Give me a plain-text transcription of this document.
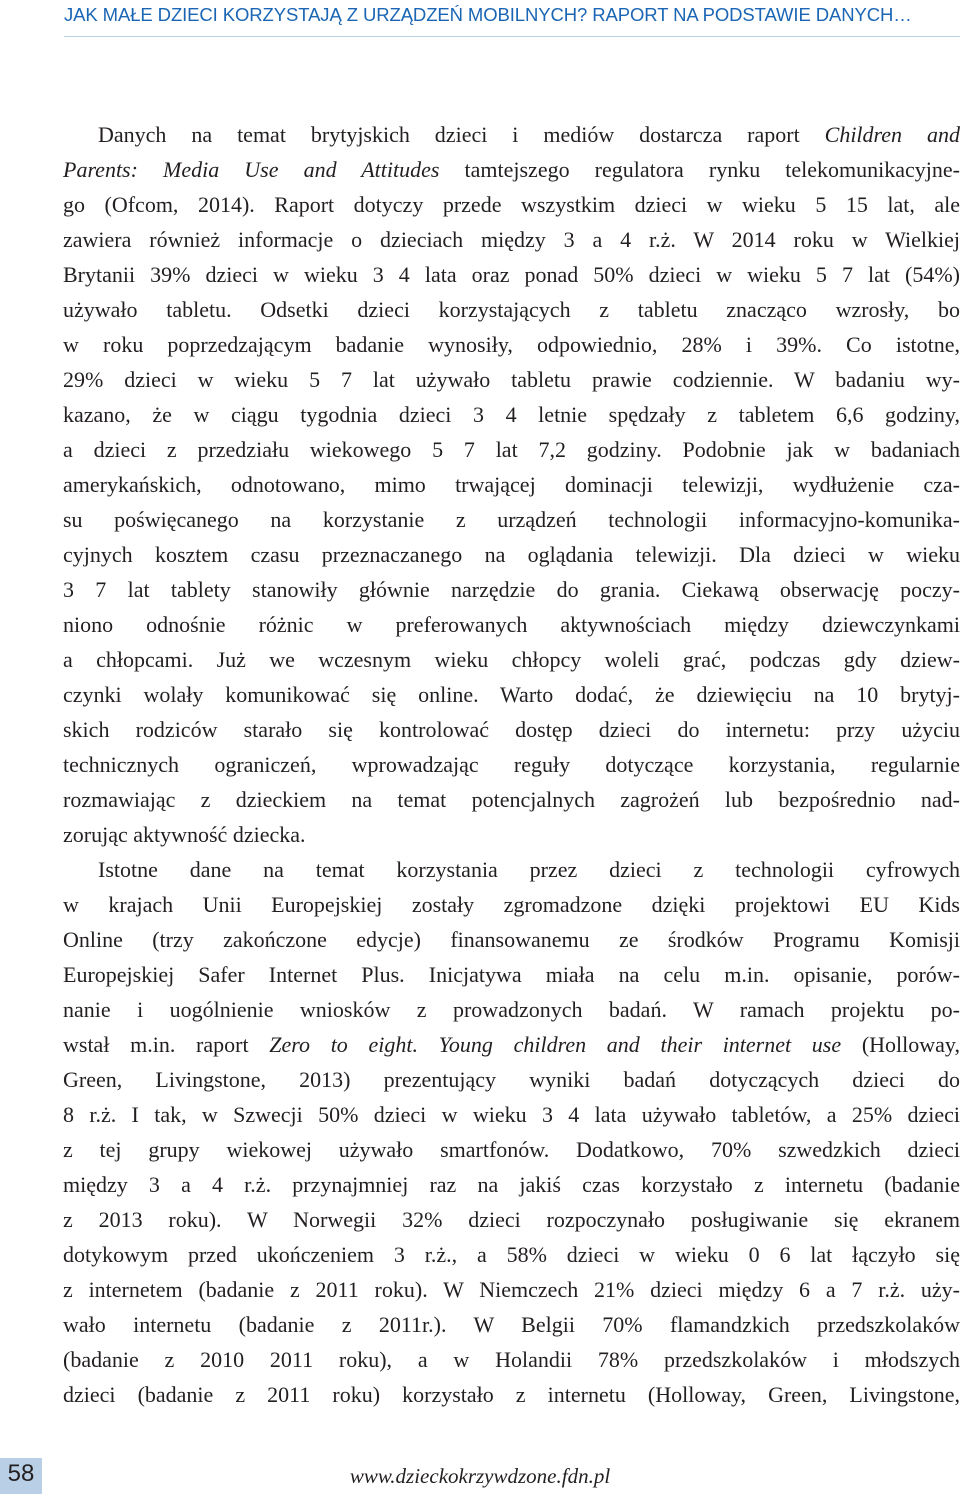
JAK MAŁE DZIECI KORZYSTAJĄ Z URZĄDZEŃ MOBILNYCH? RAPORT NA PODSTAWIE DANYCH…
Danych na temat brytyjskich dzieci i mediów dostarcza raport Children and
Parents: Media Use and Attitudes tamtejszego regulatora rynku telekomunikacyjne-
go (Ofcom, 2014). Raport dotyczy przede wszystkim dzieci w wieku 5 15 lat, ale
zawiera również informacje o dzieciach między 3 a 4 r.ż. W 2014 roku w Wielkiej
Brytanii 39% dzieci w wieku 3 4 lata oraz ponad 50% dzieci w wieku 5 7 lat (54%)
używało tabletu. Odsetki dzieci korzystających z tabletu znacząco wzrosły, bo
w roku poprzedzającym badanie wynosiły, odpowiednio, 28% i 39%. Co istotne,
29% dzieci w wieku 5 7 lat używało tabletu prawie codziennie. W badaniu wy-
kazano, że w ciągu tygodnia dzieci 3 4 letnie spędzały z tabletem 6,6 godziny,
a dzieci z przedziału wiekowego 5 7 lat 7,2 godziny. Podobnie jak w badaniach
amerykańskich, odnotowano, mimo trwającej dominacji telewizji, wydłużenie cza-
su poświęcanego na korzystanie z urządzeń technologii informacyjno-komunika-
cyjnych kosztem czasu przeznaczanego na oglądania telewizji. Dla dzieci w wieku
3 7 lat tablety stanowiły głównie narzędzie do grania. Ciekawą obserwację poczy-
niono odnośnie różnic w preferowanych aktywnościach między dziewczynkami
a chłopcami. Już we wczesnym wieku chłopcy woleli grać, podczas gdy dziew-
czynki wolały komunikować się online. Warto dodać, że dziewięciu na 10 brytyj-
skich rodziców starało się kontrolować dostęp dzieci do internetu: przy użyciu
technicznych ograniczeń, wprowadzając reguły dotyczące korzystania, regularnie
rozmawiając z dzieckiem na temat potencjalnych zagrożeń lub bezpośrednio nad-
zorując aktywność dziecka.
Istotne dane na temat korzystania przez dzieci z technologii cyfrowych
w krajach Unii Europejskiej zostały zgromadzone dzięki projektowi EU Kids
Online (trzy zakończone edycje) finansowanemu ze środków Programu Komisji
Europejskiej Safer Internet Plus. Inicjatywa miała na celu m.in. opisanie, porów-
nanie i uogólnienie wniosków z prowadzonych badań. W ramach projektu po-
wstał m.in. raport Zero to eight. Young children and their internet use (Holloway,
Green, Livingstone, 2013) prezentujący wyniki badań dotyczących dzieci do
8 r.ż. I tak, w Szwecji 50% dzieci w wieku 3 4 lata używało tabletów, a 25% dzieci
z tej grupy wiekowej używało smartfonów. Dodatkowo, 70% szwedzkich dzieci
między 3 a 4 r.ż. przynajmniej raz na jakiś czas korzystało z internetu (badanie
z 2013 roku). W Norwegii 32% dzieci rozpoczynało posługiwanie się ekranem
dotykowym przed ukończeniem 3 r.ż., a 58% dzieci w wieku 0 6 lat łączyło się
z internetem (badanie z 2011 roku). W Niemczech 21% dzieci między 6 a 7 r.ż. uży-
wało internetu (badanie z 2011r.). W Belgii 70% flamandzkich przedszkolaków
(badanie z 2010 2011 roku), a w Holandii 78% przedszkolaków i młodszych
dzieci (badanie z 2011 roku) korzystało z internetu (Holloway, Green, Livingstone,
58	www.dzieckokrzywdzone.fdn.pl
